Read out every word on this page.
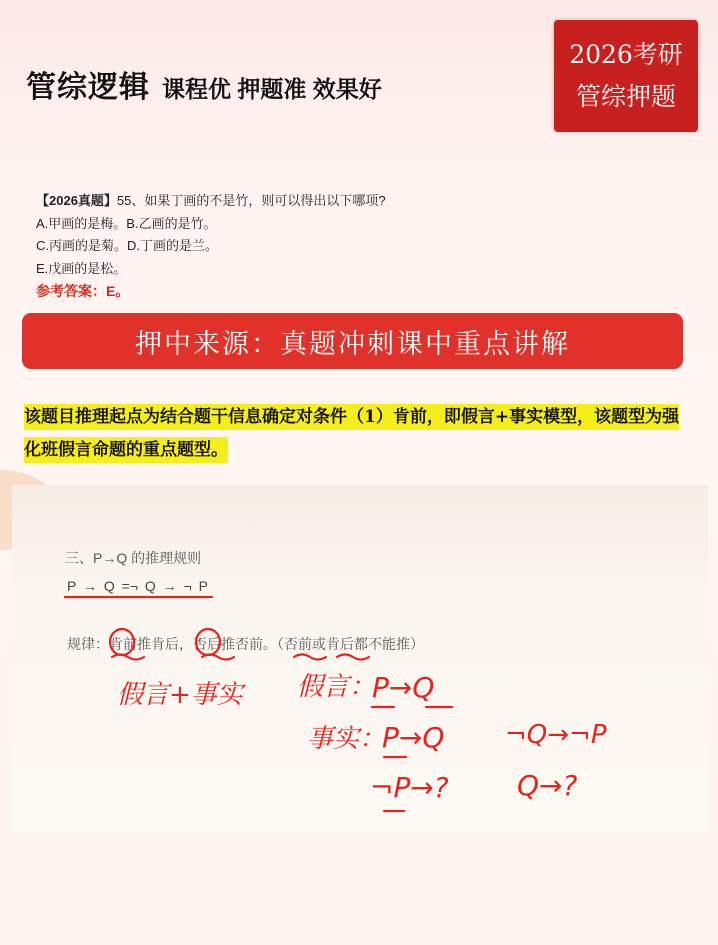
管综逻辑 课程优 押题准 效果好
2026考研
管综押题
【2026真题】55、如果丁画的不是竹，则可以得出以下哪项?
A.甲画的是梅。B.乙画的是竹。
C.丙画的是菊。D.丁画的是兰。
E.戊画的是松。
参考答案：E。
押中来源：真题冲刺课中重点讲解
该题目推理起点为结合题干信息确定对条件（1）肯前，即假言+事实模型，该题型为强化班假言命题的重点题型。
三、P→Q 的推理规则
P → Q =¬ Q → ¬ P
规律：肯前推肯后，否后推否前。（否前或肯后都不能推）
假言+事实 假言：
P→Q
事实：
P→Q ¬Q→¬P
¬P→? Q→?
